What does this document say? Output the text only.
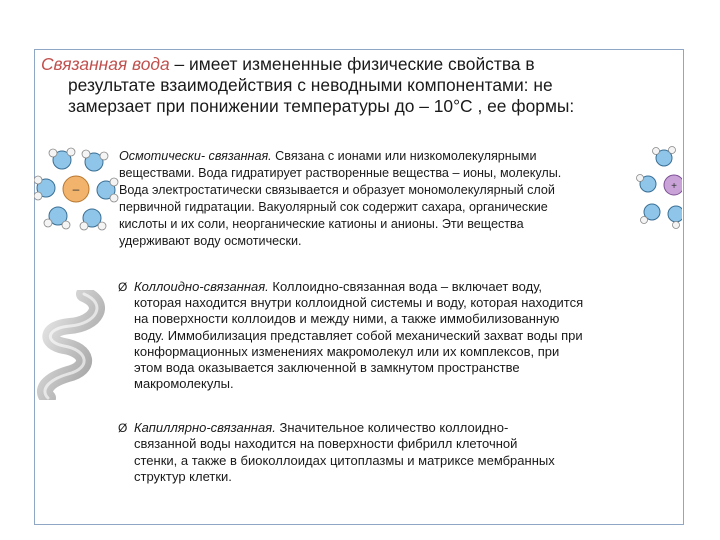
Связанная вода – имеет измененные физические свойства в
результате взаимодействия с неводными компонентами: не
замерзает при понижении температуры до – 10°С , ее формы:
–
Осмотически- связанная. Связана с ионами или низкомолекулярными
веществами. Вода гидратирует растворенные вещества – ионы, молекулы.
Вода электростатически связывается и образует мономолекулярный слой
первичной гидратации. Вакуолярный сок содержит сахара, органические
кислоты и их соли, неорганические катионы и анионы. Эти вещества
удерживают воду осмотически.
+
Ø Коллоидно-связанная. Коллоидно-связанная вода – включает воду,
которая находится внутри коллоидной системы и воду, которая находится
на поверхности коллоидов и между ними, а также иммобилизованную
воду. Иммобилизация представляет собой механический захват воды при
конформационных изменениях макромолекул или их комплексов, при
этом вода оказывается заключенной в замкнутом пространстве
макромолекулы.
Ø Капиллярно-связанная. Значительное количество коллоидно-
связанной воды находится на поверхности фибрилл клеточной
стенки, а также в биоколлоидах цитоплазмы и матриксе мембранных
структур клетки.
